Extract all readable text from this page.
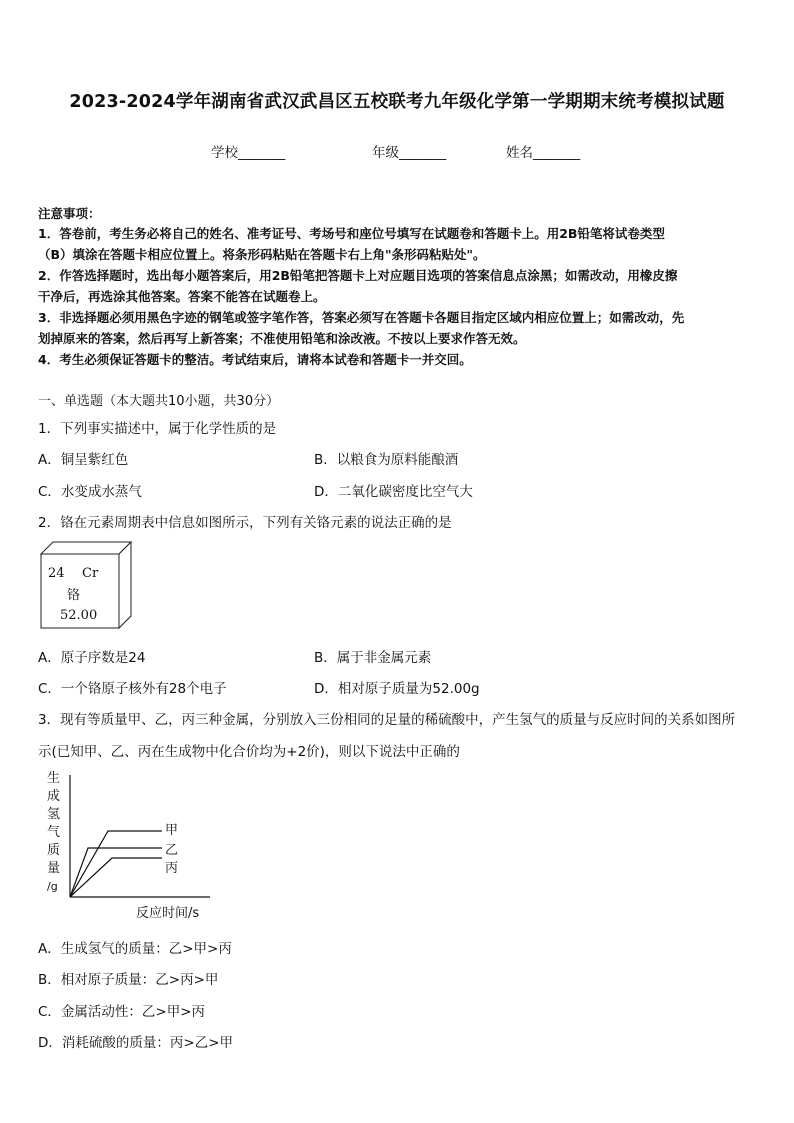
2023-2024学年湖南省武汉武昌区五校联考九年级化学第一学期期末统考模拟试题
学校_______	年级_______	姓名_______
注意事项：
1．答卷前，考生务必将自己的姓名、准考证号、考场号和座位号填写在试题卷和答题卡上。用2B铅笔将试卷类型
（B）填涂在答题卡相应位置上。将条形码粘贴在答题卡右上角"条形码粘贴处"。
2．作答选择题时，选出每小题答案后，用2B铅笔把答题卡上对应题目选项的答案信息点涂黑；如需改动，用橡皮擦
干净后，再选涂其他答案。答案不能答在试题卷上。
3．非选择题必须用黑色字迹的钢笔或签字笔作答，答案必须写在答题卡各题目指定区域内相应位置上；如需改动，先
划掉原来的答案，然后再写上新答案；不准使用铅笔和涂改液。不按以上要求作答无效。
4．考生必须保证答题卡的整洁。考试结束后，请将本试卷和答题卡一并交回。
一、单选题（本大题共10小题，共30分）
1．下列事实描述中，属于化学性质的是
A．铜呈紫红色	B．以粮食为原料能酿酒
C．水变成水蒸气	D．二氧化碳密度比空气大
2．铬在元素周期表中信息如图所示，下列有关铬元素的说法正确的是
24 Cr
铬
52.00
A．原子序数是24	B．属于非金属元素
C．一个铬原子核外有28个电子	D．相对原子质量为52.00g
3．现有等质量甲、乙，丙三种金属，分别放入三份相同的足量的稀硫酸中，产生氢气的质量与反应时间的关系如图所
示(已知甲、乙、丙在生成物中化合价均为+2价)，则以下说法中正确的
生
成
氢
气
质
量
/g
甲
乙
丙
反应时间/s
A．生成氢气的质量：乙>甲>丙
B．相对原子质量：乙>丙>甲
C．金属活动性：乙>甲>丙
D．消耗硫酸的质量：丙>乙>甲
